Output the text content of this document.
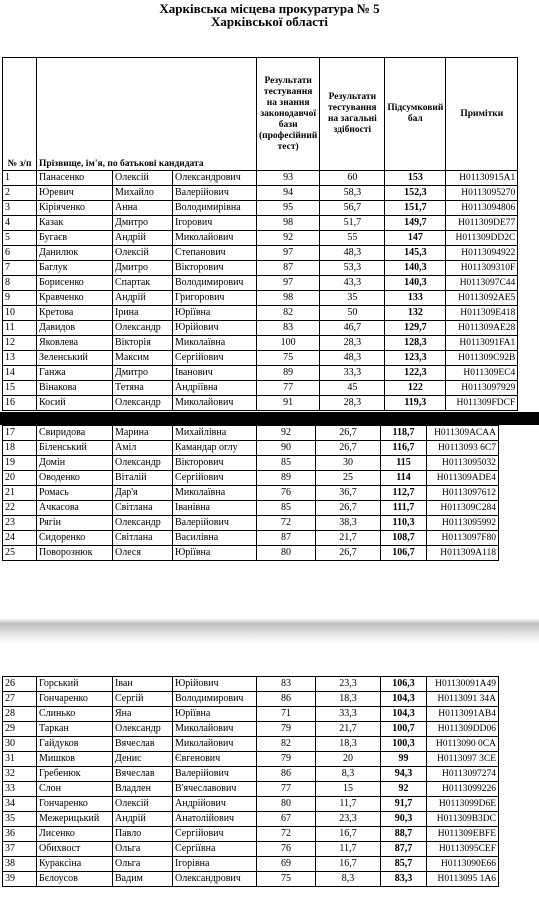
Харківська місцева прокуратура № 5
Харківської області
№ з/п	Прізвище, ім'я, по батькові кандидата			Результати тестування на знання законодавчої бази (професійний тест)	Результати тестування на загальні здібності	Підсумковий бал	Примітки
1	Панасенко	Олексій	Олександрович	93	60	153	Н01130915А1
2	Юревич	Михайло	Валерійович	94	58,3	152,3	Н0113095270
3	Кіріяченко	Анна	Володимирівна	95	56,7	151,7	Н0113094806
4	Казак	Дмитро	Ігорович	98	51,7	149,7	Н011309DE77
5	Бугаєв	Андрій	Миколайович	92	55	147	Н011309DD2C
6	Данилюк	Олексій	Степанович	97	48,3	145,3	Н0113094922
7	Баглук	Дмитро	Вікторович	87	53,3	140,3	Н011309310F
8	Борисенко	Спартак	Володимирович	97	43,3	140,3	Н0113097C44
9	Кравченко	Андрій	Григорович	98	35	133	Н0113092AE5
10	Кретова	Ірина	Юріївна	82	50	132	Н011309E418
11	Давидов	Олександр	Юрійович	83	46,7	129,7	Н011309AE28
12	Яковлева	Вікторія	Миколаївна	100	28,3	128,3	Н0113091FA1
13	Зеленський	Максим	Сергійович	75	48,3	123,3	Н011309C92B
14	Ганжа	Дмитро	Іванович	89	33,3	122,3	Н011309EC4
15	Вінакова	Тетяна	Андріївна	77	45	122	Н0113097929
16	Косий	Олександр	Миколайович	91	28,3	119,3	Н011309FDCF
17	Свиридова	Марина	Михайлівна	92	26,7	118,7	Н011309ACAA
18	Біленський	Аміл	Камандар оглу	90	26,7	116,7	Н0113093 6C7
19	Домін	Олександр	Вікторович	85	30	115	Н0113095032
20	Оводенко	Віталій	Сергійович	89	25	114	Н011309ADE4
21	Ромась	Дар'я	Миколаївна	76	36,7	112,7	Н0113097612
22	Ачкасова	Світлана	Іванівна	85	26,7	111,7	Н011309C284
23	Рягін	Олександр	Валерійович	72	38,3	110,3	Н0113095992
24	Сидоренко	Світлана	Василівна	87	21,7	108,7	Н0113097F80
25	Поворознюк	Олеся	Юріївна	80	26,7	106,7	Н011309A118
26	Горський	Іван	Юрійович	83	23,3	106,3	Н01130091A49
27	Гончаренко	Сергій	Володимирович	86	18,3	104,3	Н0113091 34A
28	Слинько	Яна	Юріївна	71	33,3	104,3	Н0113091AB4
29	Таркан	Олександр	Миколайович	79	21,7	100,7	Н011309DD06
30	Гайдуков	Вячеслав	Миколайович	82	18,3	100,3	Н0113090 0CA
31	Мишков	Денис	Євгенович	79	20	99	Н0113097 3CE
32	Гребенюк	Вячеслав	Валерійович	86	8,3	94,3	Н0113097274
33	Слон	Владлен	В'ячеславович	77	15	92	Н0113099226
34	Гончаренко	Олексій	Андрійович	80	11,7	91,7	Н0113099D6E
35	Межерицький	Андрій	Анатолійович	67	23,3	90,3	Н011309B3DC
36	Лисенко	Павло	Сергійович	72	16,7	88,7	Н011309EBFE
37	Обихвост	Ольга	Сергіївна	76	11,7	87,7	Н0113095CEF
38	Куракcіна	Ольга	Ігорівна	69	16,7	85,7	Н0113090E66
39	Бєлоусов	Вадим	Олександрович	75	8,3	83,3	Н0113095 1A6
